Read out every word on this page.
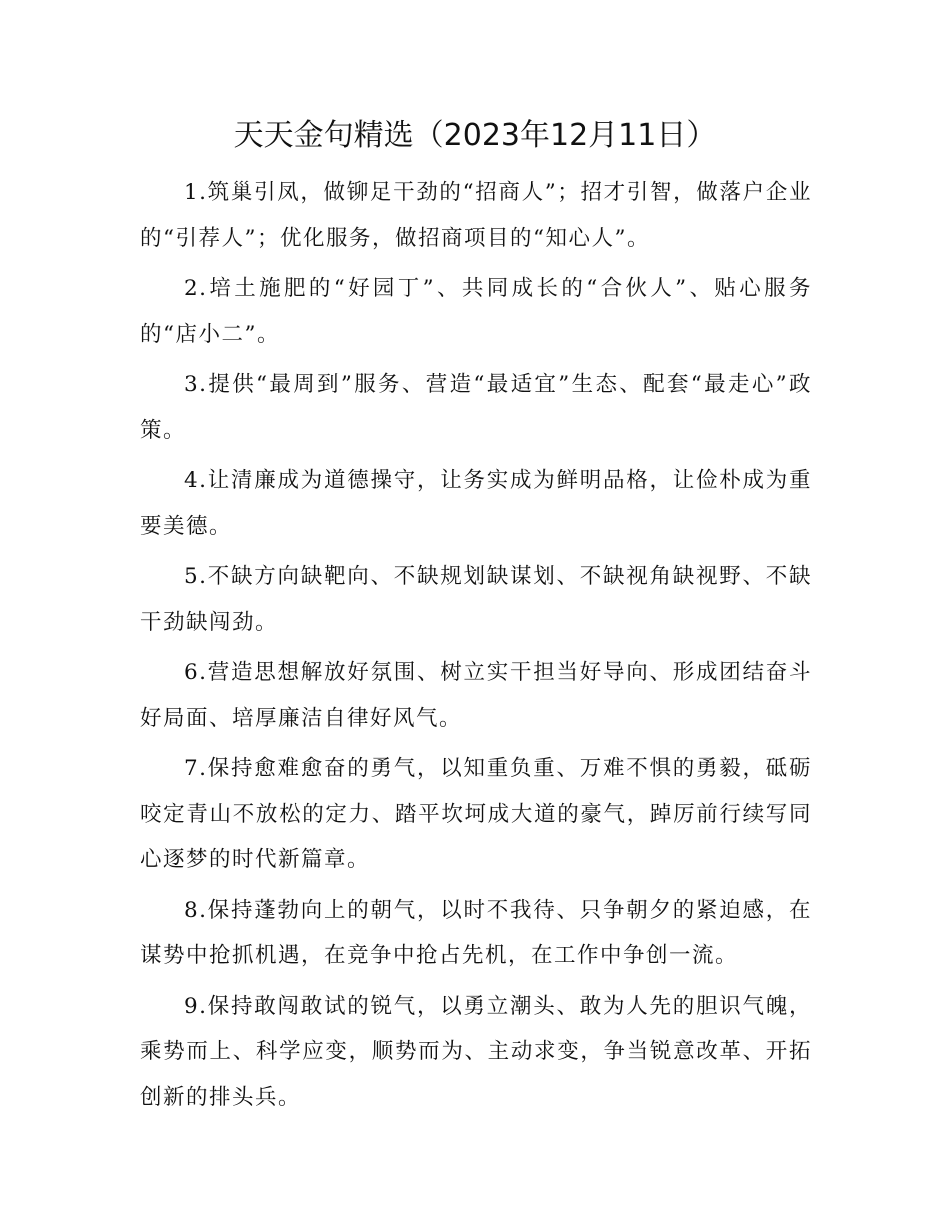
天天金句精选（2023年12月11日）

1.筑巢引凤，做铆足干劲的“招商人”；招才引智，做落户企业的“引荐人”；优化服务，做招商项目的“知心人”。

2.培土施肥的“好园丁”、共同成长的“合伙人”、贴心服务的“店小二”。

3.提供“最周到”服务、营造“最适宜”生态、配套“最走心”政策。

4.让清廉成为道德操守，让务实成为鲜明品格，让俭朴成为重要美德。

5.不缺方向缺靶向、不缺规划缺谋划、不缺视角缺视野、不缺干劲缺闯劲。

6.营造思想解放好氛围、树立实干担当好导向、形成团结奋斗好局面、培厚廉洁自律好风气。

7.保持愈难愈奋的勇气，以知重负重、万难不惧的勇毅，砥砺咬定青山不放松的定力、踏平坎坷成大道的豪气，踔厉前行续写同心逐梦的时代新篇章。

8.保持蓬勃向上的朝气，以时不我待、只争朝夕的紧迫感，在谋势中抢抓机遇，在竞争中抢占先机，在工作中争创一流。

9.保持敢闯敢试的锐气，以勇立潮头、敢为人先的胆识气魄，乘势而上、科学应变，顺势而为、主动求变，争当锐意改革、开拓创新的排头兵。
